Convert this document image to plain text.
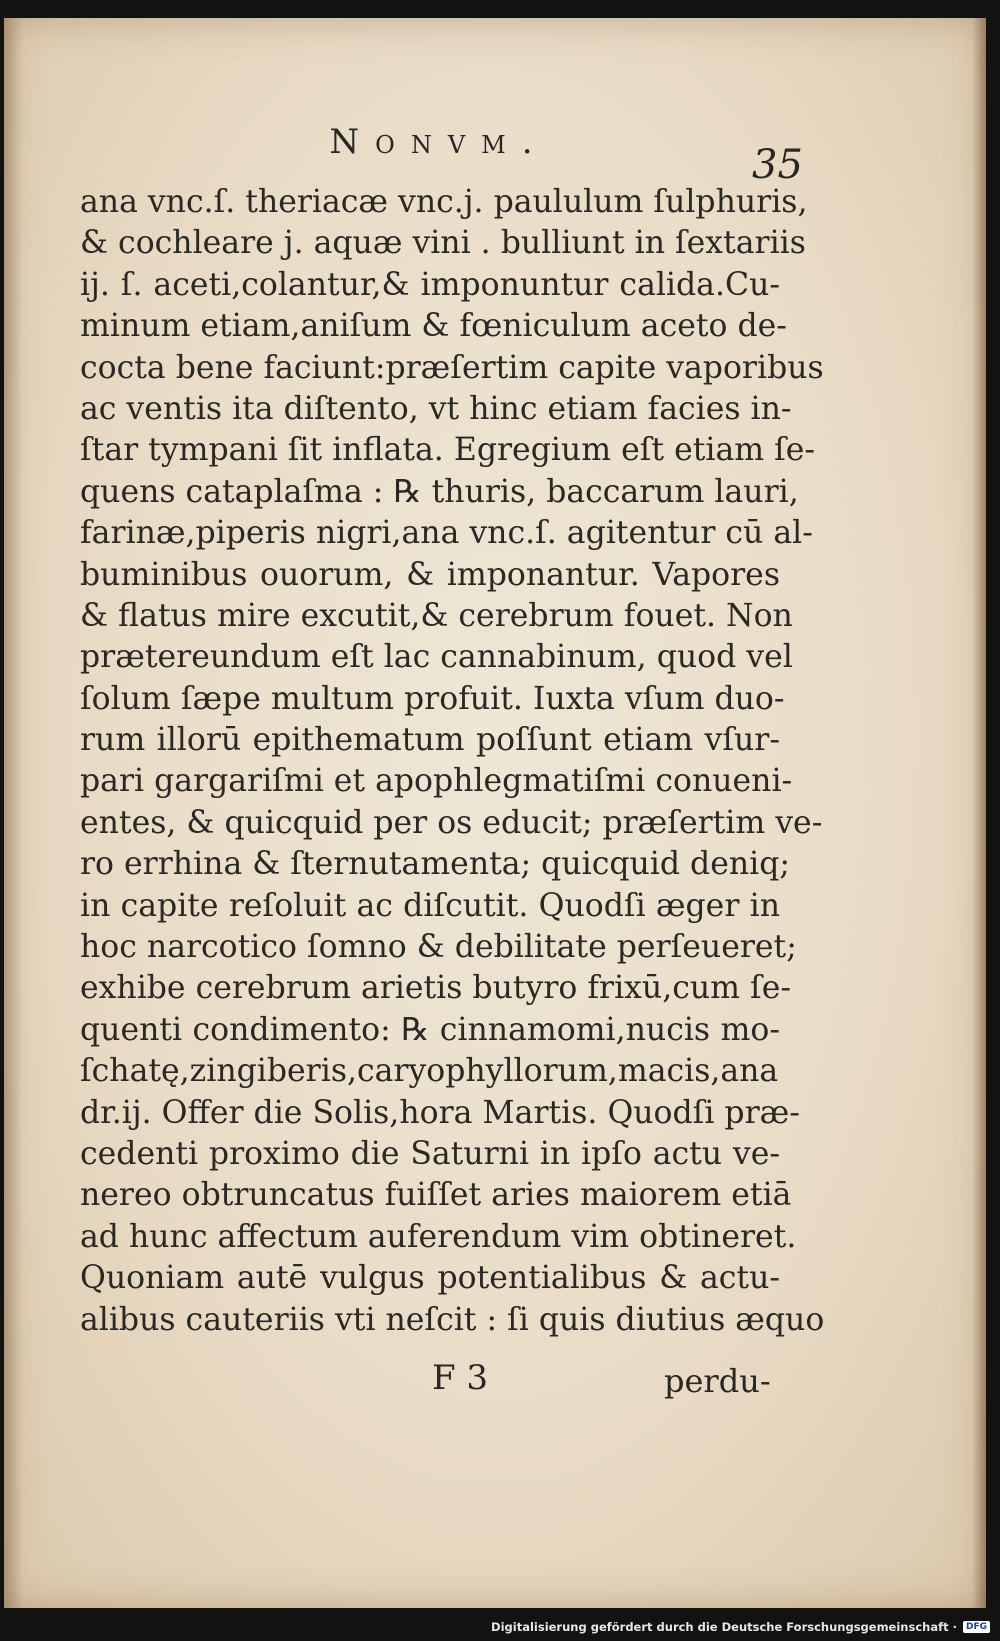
Nonvm.	35
ana vnc.ſ. theriacæ vnc.j. paululum ſulphuris,
& cochleare j. aquæ vini . bulliunt in ſextariis
ij. ſ. aceti,colantur,& imponuntur calida.Cu-
minum etiam,aniſum & fœniculum aceto de-
cocta bene faciunt:præſertim capite vaporibus
ac ventis ita diſtento, vt hinc etiam facies in-
ſtar tympani ſit inflata. Egregium eſt etiam ſe-
quens cataplaſma : ℞ thuris, baccarum lauri,
farinæ,piperis nigri,ana vnc.ſ. agitentur cū al-
buminibus ouorum, & imponantur. Vapores
& flatus mire excutit,& cerebrum fouet. Non
prætereundum eſt lac cannabinum, quod vel
ſolum ſæpe multum profuit. Iuxta vſum duo-
rum illorū epithematum poſſunt etiam vſur-
pari gargariſmi et apophlegmatiſmi conueni-
entes, & quicquid per os educit; præſertim ve-
ro errhina & ſternutamenta; quicquid deniq;
in capite reſoluit ac diſcutit. Quodſi æger in
hoc narcotico ſomno & debilitate perſeueret;
exhibe cerebrum arietis butyro frixū,cum ſe-
quenti condimento: ℞ cinnamomi,nucis mo-
ſchatę,zingiberis,caryophyllorum,macis,ana
dr.ij. Offer die Solis,hora Martis. Quodſi præ-
cedenti proximo die Saturni in ipſo actu ve-
nereo obtruncatus fuiſſet aries maiorem etiā
ad hunc affectum auferendum vim obtineret.
Quoniam autē vulgus potentialibus & actu-
alibus cauteriis vti neſcit : ſi quis diutius æquo
F 3	perdu-
Digitalisierung gefördert durch die Deutsche Forschungsgemeinschaft ·	DFG
